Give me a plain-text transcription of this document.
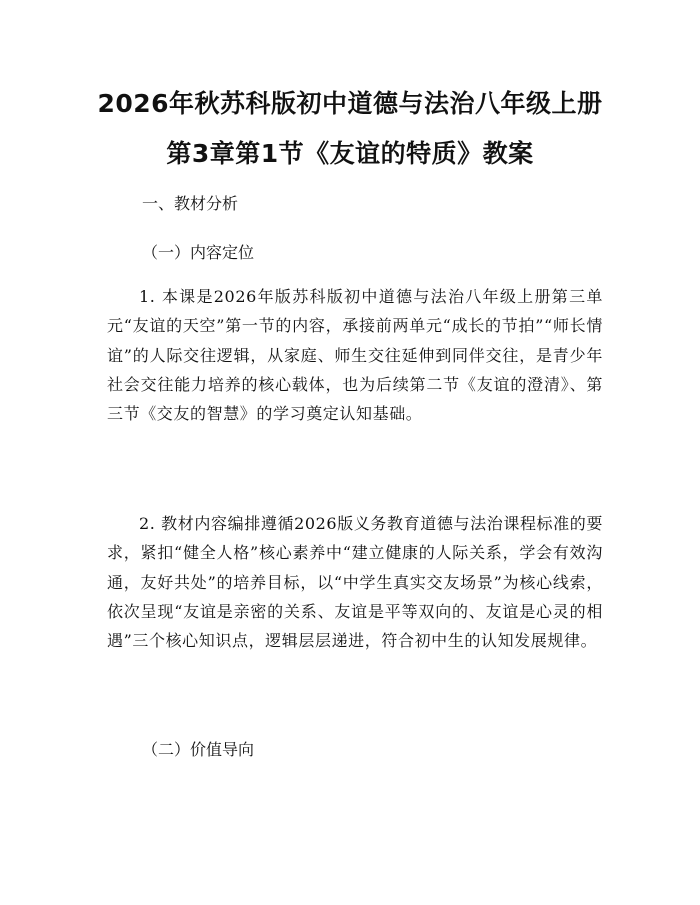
2026年秋苏科版初中道德与法治八年级上册
第3章第1节《友谊的特质》教案
一、教材分析
（一）内容定位
1. 本课是2026年版苏科版初中道德与法治八年级上册第三单元“友谊的天空”第一节的内容，承接前两单元“成长的节拍”“师长情谊”的人际交往逻辑，从家庭、师生交往延伸到同伴交往，是青少年社会交往能力培养的核心载体，也为后续第二节《友谊的澄清》、第三节《交友的智慧》的学习奠定认知基础。
2. 教材内容编排遵循2026版义务教育道德与法治课程标准的要求，紧扣“健全人格”核心素养中“建立健康的人际关系，学会有效沟通，友好共处”的培养目标，以“中学生真实交友场景”为核心线索，依次呈现“友谊是亲密的关系、友谊是平等双向的、友谊是心灵的相遇”三个核心知识点，逻辑层层递进，符合初中生的认知发展规律。
（二）价值导向
